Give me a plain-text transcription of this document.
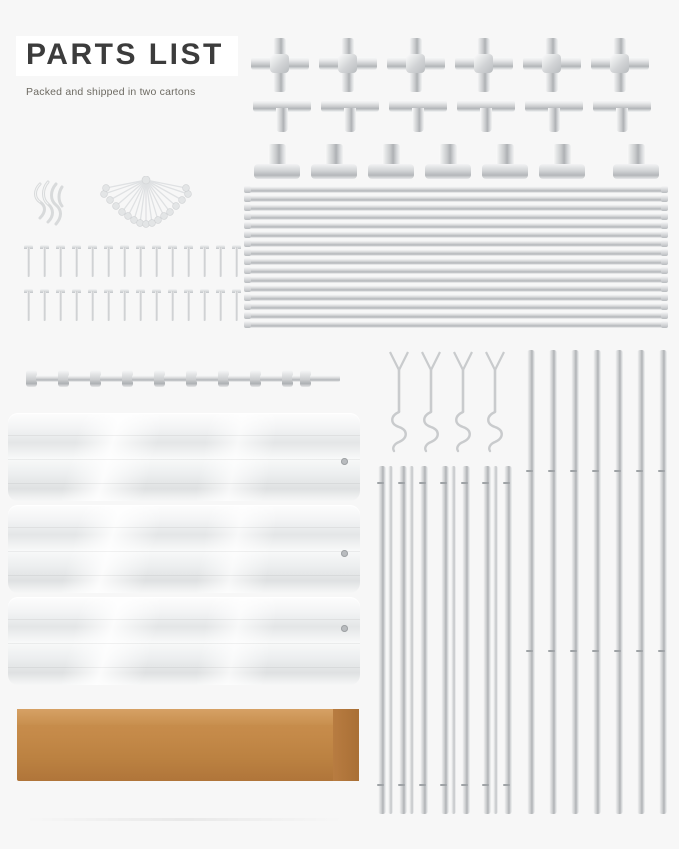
PARTS LIST
Packed and shipped in two cartons
